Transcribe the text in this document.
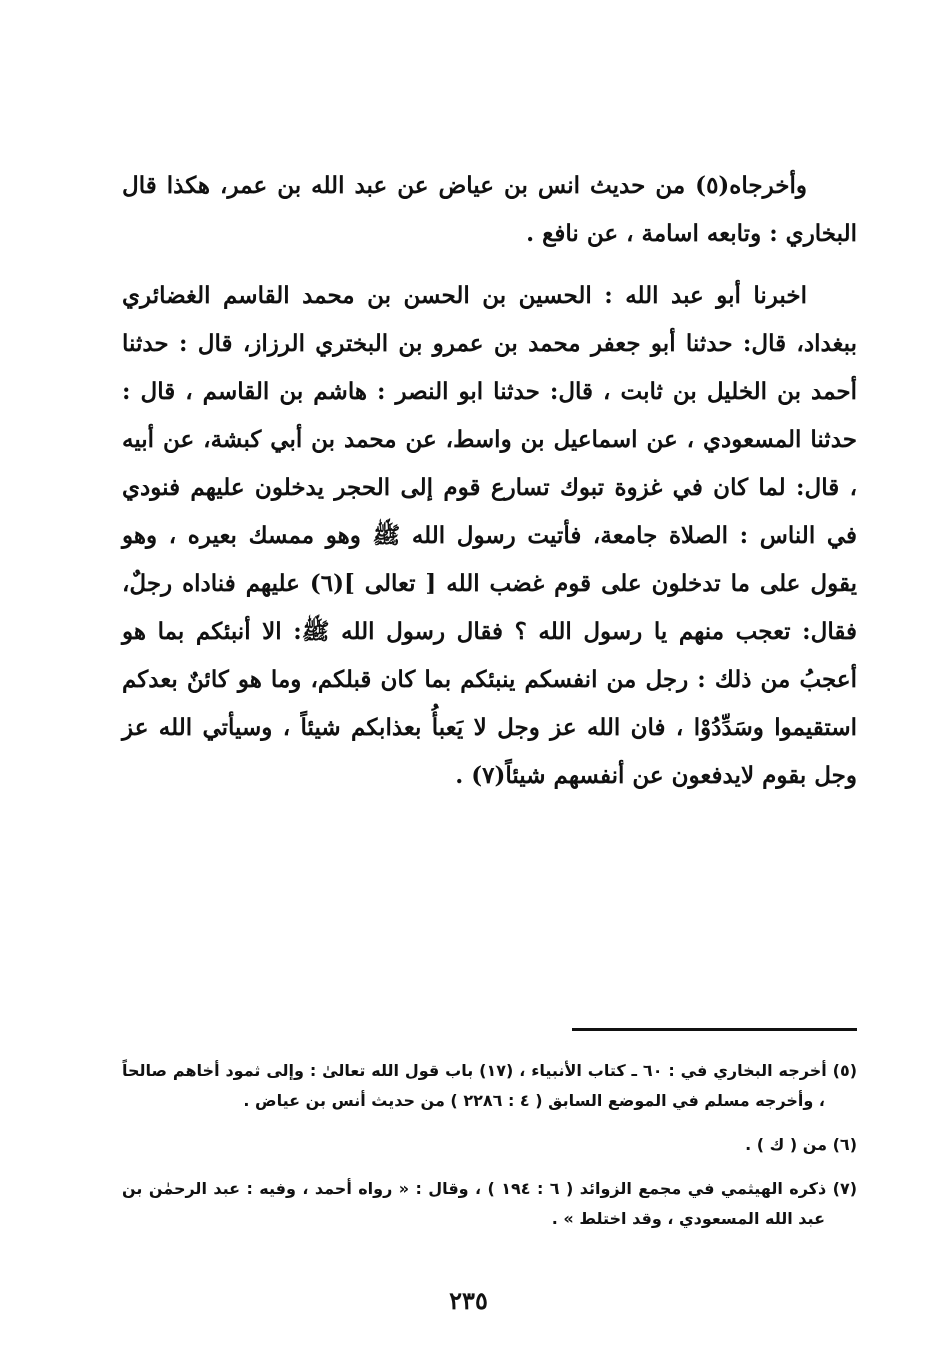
وأخرجاه(٥) من حديث انس بن عياض عن عبد الله بن عمر، هكذا قال البخاري : وتابعه اسامة ، عن نافع .

اخبرنا أبو عبد الله : الحسين بن الحسن بن محمد القاسم الغضائري ببغداد، قال: حدثنا أبو جعفر محمد بن عمرو بن البختري الرزاز، قال : حدثنا أحمد بن الخليل بن ثابت ، قال: حدثنا ابو النصر : هاشم بن القاسم ، قال : حدثنا المسعودي ، عن اسماعيل بن واسط، عن محمد بن أبي كبشة، عن أبيه ، قال: لما كان في غزوة تبوك تسارع قوم إلى الحجر يدخلون عليهم فنودي في الناس : الصلاة جامعة، فأتيت رسول الله ﷺ وهو ممسك بعيره ، وهو يقول على ما تدخلون على قوم غضب الله [ تعالى ](٦) عليهم فناداه رجلٌ، فقال: تعجب منهم يا رسول الله ؟ فقال رسول الله ﷺ: الا أنبئكم بما هو أعجبُ من ذلك : رجل من انفسكم ينبئكم بما كان قبلكم، وما هو كائنٌ بعدكم استقيموا وسَدِّدُوْا ، فان الله عز وجل لا يَعبأُ بعذابكم شيئاً ، وسيأتي الله عز وجل بقوم لايدفعون عن أنفسهم شيئاً(٧) .

(٥) أخرجه البخاري في : ٦٠ ـ كتاب الأنبياء ، (١٧) باب قول الله تعالىٰ : وإلى ثمود أخاهم صالحاً ، وأخرجه مسلم في الموضع السابق ( ٤ : ٢٢٨٦ ) من حديث أنس بن عياض .

(٦) من ( ك ) .

(٧) ذكره الهيثمي في مجمع الزوائد ( ٦ : ١٩٤ ) ، وقال : « رواه أحمد ، وفيه : عبد الرحمٰن بن عبد الله المسعودي ، وقد اختلط » .

٢٣٥
